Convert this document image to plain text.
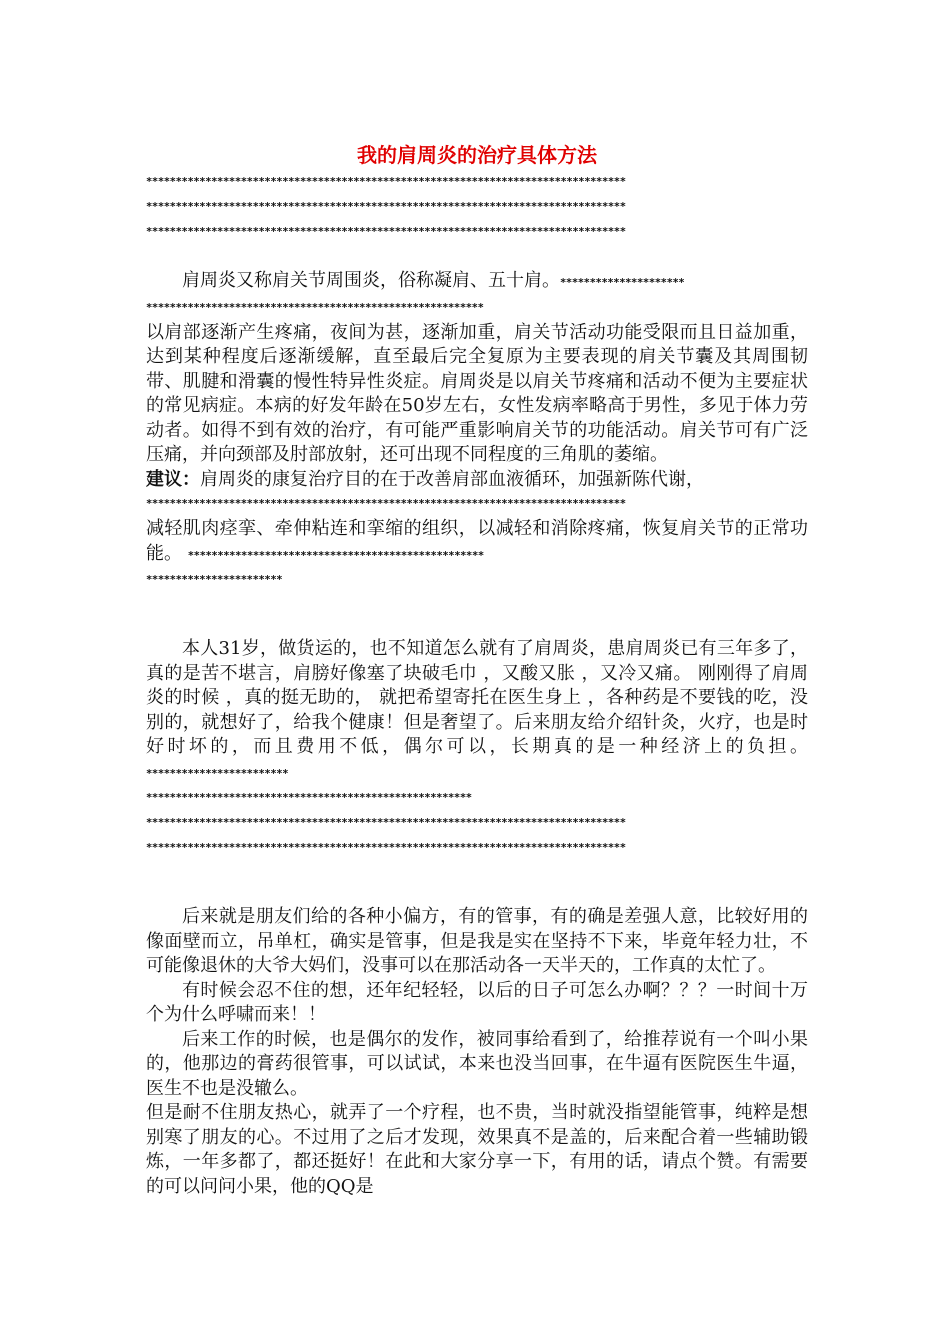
我的肩周炎的治疗具体方法
*********************************************************************************
*********************************************************************************
*********************************************************************************

肩周炎又称肩关节周围炎，俗称凝肩、五十肩。*********************

*********************************************************

以肩部逐渐产生疼痛，夜间为甚，逐渐加重，肩关节活动功能受限而且日益加重，达到某种程度后逐渐缓解，直至最后完全复原为主要表现的肩关节囊及其周围韧带、肌腱和滑囊的慢性特异性炎症。肩周炎是以肩关节疼痛和活动不便为主要症状的常见病症。本病的好发年龄在50岁左右，女性发病率略高于男性，多见于体力劳动者。如得不到有效的治疗，有可能严重影响肩关节的功能活动。肩关节可有广泛压痛，并向颈部及肘部放射，还可出现不同程度的三角肌的萎缩。

建议：肩周炎的康复治疗目的在于改善肩部血液循环，加强新陈代谢，

*********************************************************************************

减轻肌肉痉挛、牵伸粘连和挛缩的组织，以减轻和消除疼痛，恢复肩关节的正常功能。 **************************************************

***********************

本人31岁，做货运的，也不知道怎么就有了肩周炎，患肩周炎已有三年多了，真的是苦不堪言，肩膀好像塞了块破毛巾 ，又酸又胀 ，又冷又痛。 刚刚得了肩周炎的时候 ，真的挺无助的， 就把希望寄托在医生身上 ，各种药是不要钱的吃，没别的，就想好了，给我个健康！但是奢望了。后来朋友给介绍针灸，火疗，也是时好时坏的，而且费用不低，偶尔可以，长期真的是一种经济上的负担。************************

*******************************************************
*********************************************************************************
*********************************************************************************

后来就是朋友们给的各种小偏方，有的管事，有的确是差强人意，比较好用的像面壁而立，吊单杠，确实是管事，但是我是实在坚持不下来，毕竟年轻力壮，不可能像退休的大爷大妈们，没事可以在那活动各一天半天的，工作真的太忙了。

有时候会忍不住的想，还年纪轻轻，以后的日子可怎么办啊？？？一时间十万个为什么呼啸而来！！

后来工作的时候，也是偶尔的发作，被同事给看到了，给推荐说有一个叫小果的，他那边的膏药很管事，可以试试，本来也没当回事，在牛逼有医院医生牛逼，医生不也是没辙么。

但是耐不住朋友热心，就弄了一个疗程，也不贵，当时就没指望能管事，纯粹是想别寒了朋友的心。不过用了之后才发现，效果真不是盖的，后来配合着一些辅助锻炼，一年多都了，都还挺好！在此和大家分享一下，有用的话，请点个赞。有需要的可以问问小果，他的QQ是
